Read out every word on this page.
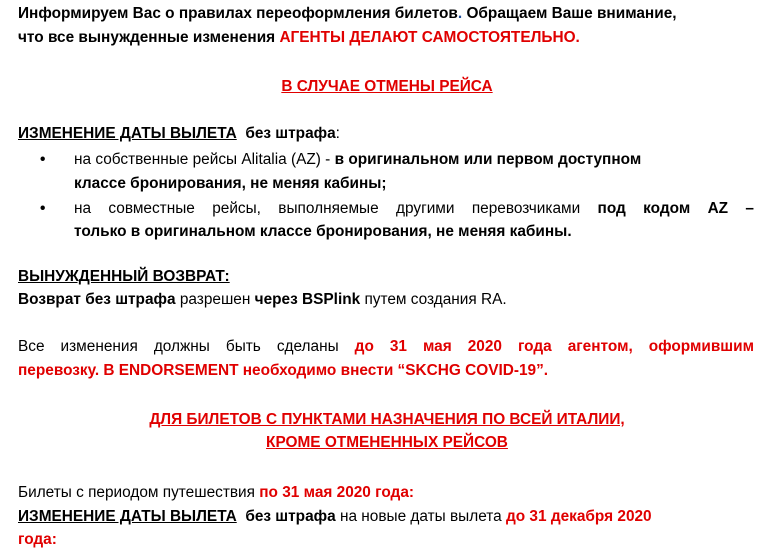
Информируем Вас о правилах переоформления билетов. Обращаем Ваше внимание,
что все вынужденные изменения АГЕНТЫ ДЕЛАЮТ САМОСТОЯТЕЛЬНО.
В СЛУЧАЕ ОТМЕНЫ РЕЙСА
ИЗМЕНЕНИЕ ДАТЫ ВЫЛЕТА без штрафа:
• на собственные рейсы Alitalia (AZ) - в оригинальном или первом доступном
классе бронирования, не меняя кабины;
• на совместные рейсы, выполняемые другими перевозчиками под кодом AZ –
только в оригинальном классе бронирования, не меняя кабины.
ВЫНУЖДЕННЫЙ ВОЗВРАТ:
Возврат без штрафа разрешен через BSPlink путем создания RA.
Все изменения должны быть сделаны до 31 мая 2020 года агентом, оформившим
перевозку. В ENDORSEMENT необходимо внести “SKCHG COVID-19”.
ДЛЯ БИЛЕТОВ С ПУНКТАМИ НАЗНАЧЕНИЯ ПО ВСЕЙ ИТАЛИИ,
КРОМЕ ОТМЕНЕННЫХ РЕЙСОВ
Билеты с периодом путешествия по 31 мая 2020 года:
ИЗМЕНЕНИЕ ДАТЫ ВЫЛЕТА без штрафа на новые даты вылета до 31 декабря 2020
года:
